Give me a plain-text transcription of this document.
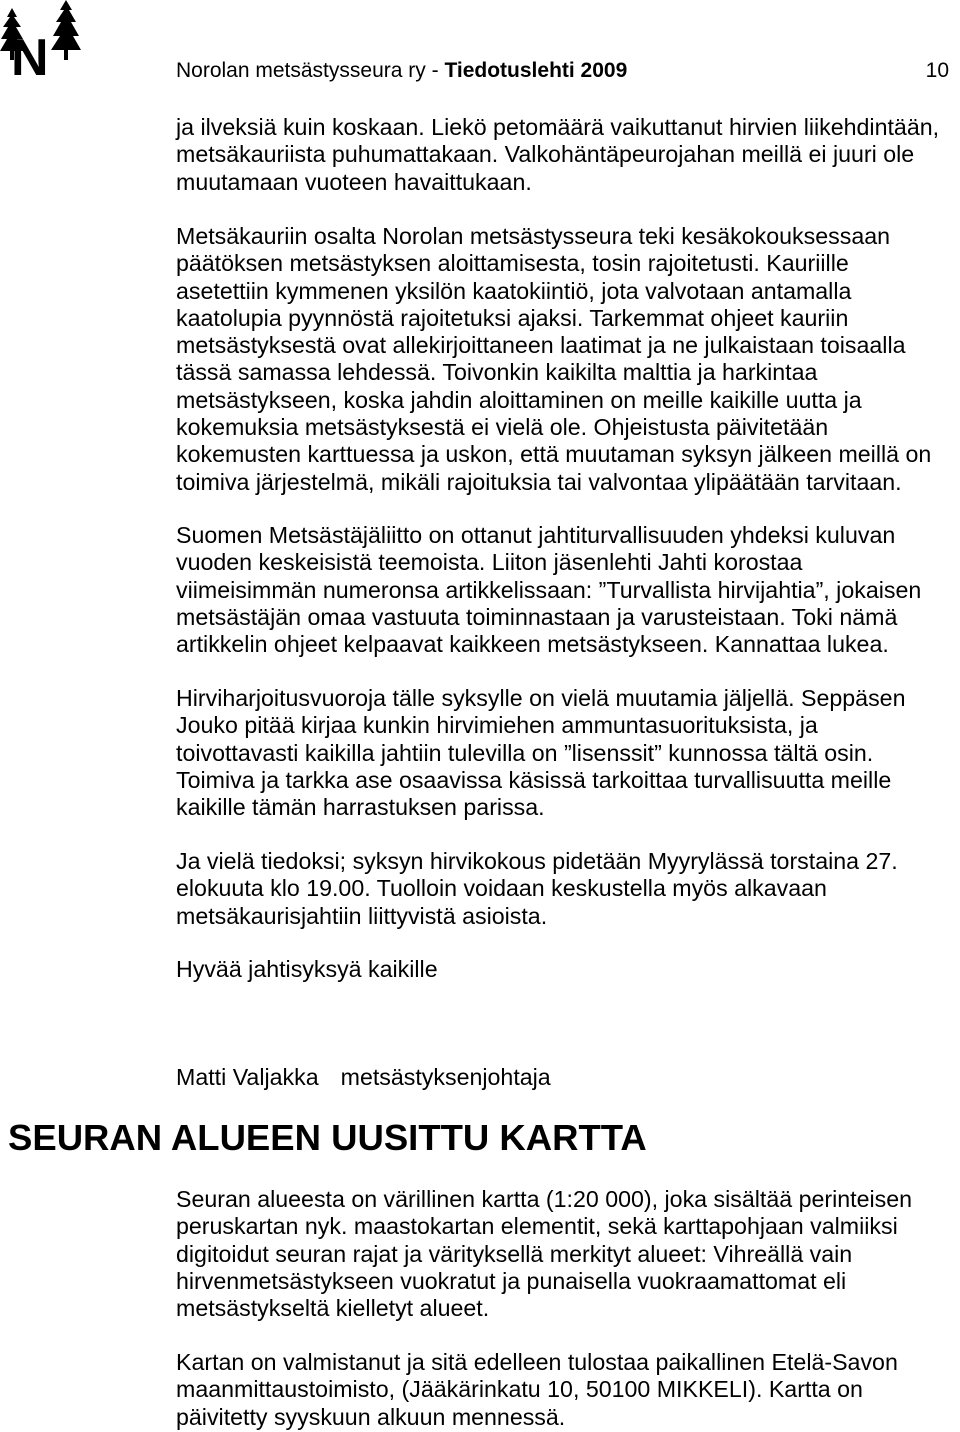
N	Norolan metsästysseura ry - Tiedotuslehti 2009	10
ja ilveksiä kuin koskaan. Liekö petomäärä vaikuttanut hirvien liikehdintään,
metsäkauriista puhumattakaan. Valkohäntäpeurojahan meillä ei juuri ole
muutamaan vuoteen havaittukaan.
Metsäkauriin osalta Norolan metsästysseura teki kesäkokouksessaan
päätöksen metsästyksen aloittamisesta, tosin rajoitetusti. Kauriille
asetettiin kymmenen yksilön kaatokiintiö, jota valvotaan antamalla
kaatolupia pyynnöstä rajoitetuksi ajaksi. Tarkemmat ohjeet kauriin
metsästyksestä ovat allekirjoittaneen laatimat ja ne julkaistaan toisaalla
tässä samassa lehdessä. Toivonkin kaikilta malttia ja harkintaa
metsästykseen, koska jahdin aloittaminen on meille kaikille uutta ja
kokemuksia metsästyksestä ei vielä ole. Ohjeistusta päivitetään
kokemusten karttuessa ja uskon, että muutaman syksyn jälkeen meillä on
toimiva järjestelmä, mikäli rajoituksia tai valvontaa ylipäätään tarvitaan.
Suomen Metsästäjäliitto on ottanut jahtiturvallisuuden yhdeksi kuluvan
vuoden keskeisistä teemoista. Liiton jäsenlehti Jahti korostaa
viimeisimmän numeronsa artikkelissaan: ”Turvallista hirvijahtia”, jokaisen
metsästäjän omaa vastuuta toiminnastaan ja varusteistaan. Toki nämä
artikkelin ohjeet kelpaavat kaikkeen metsästykseen. Kannattaa lukea.
Hirviharjoitusvuoroja tälle syksylle on vielä muutamia jäljellä. Seppäsen
Jouko pitää kirjaa kunkin hirvimiehen ammuntasuorituksista, ja
toivottavasti kaikilla jahtiin tulevilla on ”lisenssit” kunnossa tältä osin.
Toimiva ja tarkka ase osaavissa käsissä tarkoittaa turvallisuutta meille
kaikille tämän harrastuksen parissa.
Ja vielä tiedoksi; syksyn hirvikokous pidetään Myyrylässä torstaina 27.
elokuuta klo 19.00. Tuolloin voidaan keskustella myös alkavaan
metsäkaurisjahtiin liittyvistä asioista.
Hyvää jahtisyksyä kaikille
Matti Valjakka metsästyksenjohtaja
SEURAN ALUEEN UUSITTU KARTTA
Seuran alueesta on värillinen kartta (1:20 000), joka sisältää perinteisen
peruskartan nyk. maastokartan elementit, sekä karttapohjaan valmiiksi
digitoidut seuran rajat ja värityksellä merkityt alueet: Vihreällä vain
hirvenmetsästykseen vuokratut ja punaisella vuokraamattomat eli
metsästykseltä kielletyt alueet.
Kartan on valmistanut ja sitä edelleen tulostaa paikallinen Etelä-Savon
maanmittaustoimisto, (Jääkärinkatu 10, 50100 MIKKELI). Kartta on
päivitetty syyskuun alkuun mennessä.
